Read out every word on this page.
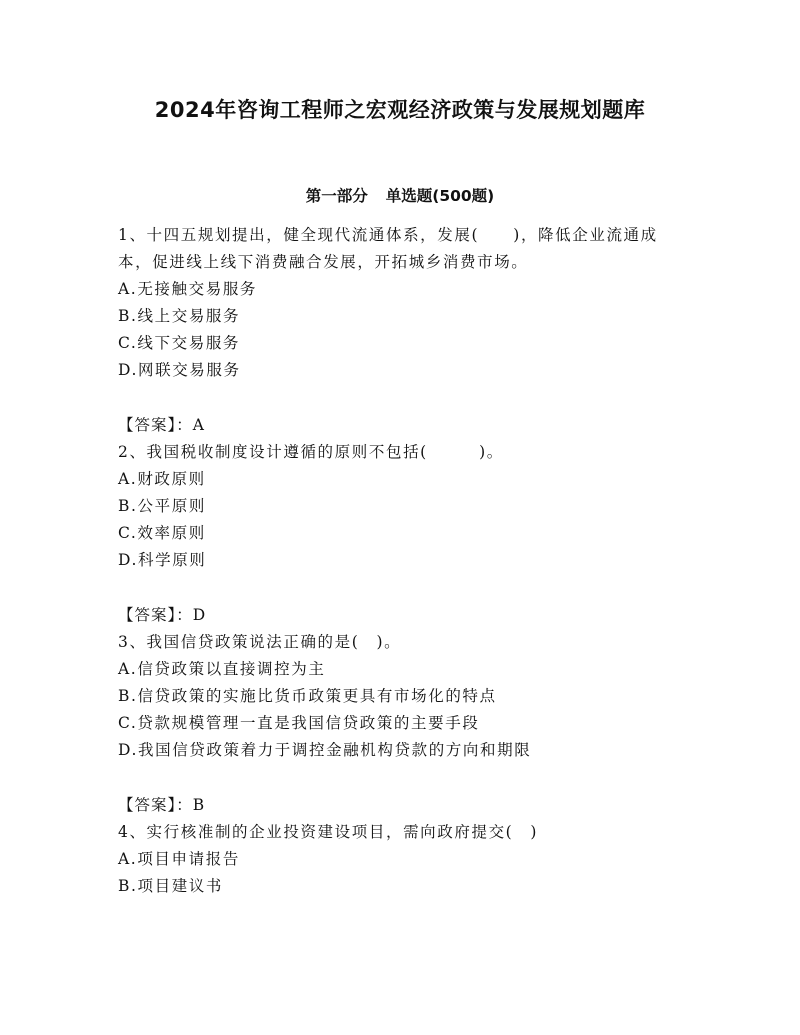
2024年咨询工程师之宏观经济政策与发展规划题库
第一部分 单选题(500题)

1、十四五规划提出，健全现代流通体系，发展(　　)，降低企业流通成本，促进线上线下消费融合发展，开拓城乡消费市场。

A.无接触交易服务

B.线上交易服务

C.线下交易服务

D.网联交易服务

【答案】：A

2、我国税收制度设计遵循的原则不包括(　　　)。

A.财政原则

B.公平原则

C.效率原则

D.科学原则

【答案】：D

3、我国信贷政策说法正确的是(　)。

A.信贷政策以直接调控为主

B.信贷政策的实施比货币政策更具有市场化的特点

C.贷款规模管理一直是我国信贷政策的主要手段

D.我国信贷政策着力于调控金融机构贷款的方向和期限

【答案】：B

4、实行核准制的企业投资建设项目，需向政府提交(　)

A.项目申请报告

B.项目建议书
